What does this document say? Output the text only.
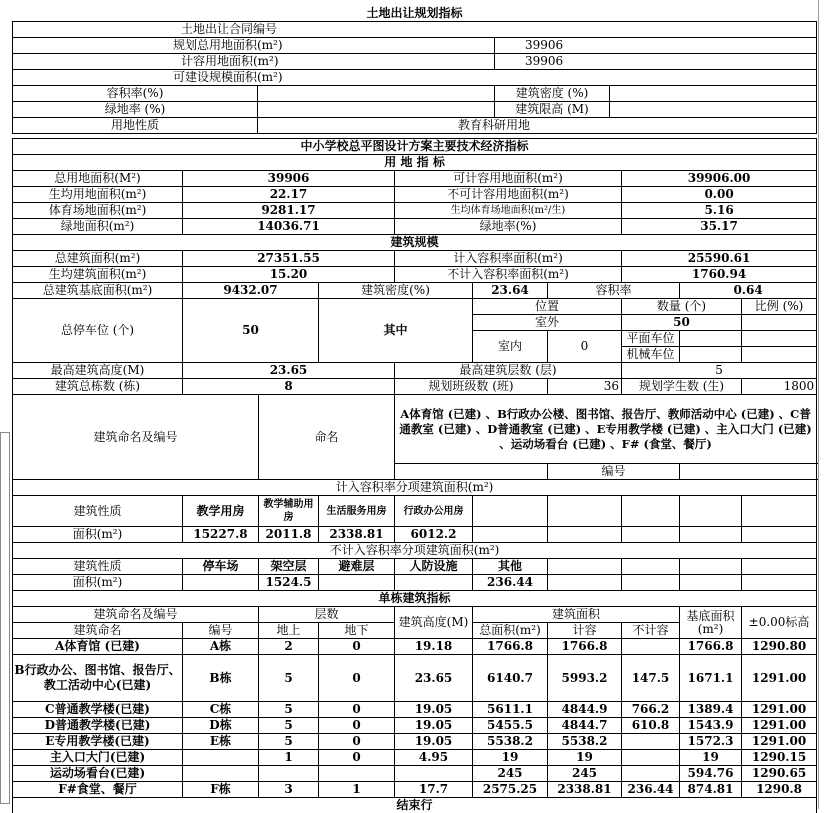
土地出让规划指标			
土地出让合同编号			
规划总用地面积(m²)		39906	
计容用地面积(m²)		39906	
可建设规模面积(m²)			
容积率(%)		建筑密度 (%)	
绿地率 (%)		建筑限高 (M)	
用地性质	教育科研用地		
中小学校总平图设计方案主要技术经济指标									
用 地 指 标									
总用地面积(M²)	39906			可计容用地面积(m²)			39906.00		
生均用地面积(m²)	22.17			不可计容用地面积(m²)			0.00		
体育场地面积(m²)	9281.17			生均体育场地面积(m²/生)			5.16		
绿地面积(m²)	14036.71			绿地率(%)			35.17		
建筑规模									
总建筑面积(m²)	27351.55			计入容积率面积(m²)			25590.61		
生均建筑面积(m²)	15.20			不计入容积率面积(m²)			1760.94		
总建筑基底面积(m²)	9432.07		建筑密度(%)		23.64	容积率		0.64	
总停车位 (个)	50		其中		位置		数量 (个)		比例 (%)
					室外		50		
					室内	0	平面车位		
							机械车位		
最高建筑高度(M)	23.65			最高建筑层数 (层)			5		
建筑总栋数 (栋)	8			规划班级数 (班)		36	规划学生数 (生)		1800
建筑命名及编号		命名		A体育馆 (已建) 、B行政办公楼、图书馆、报告厅、教师活动中心 (已建) 、C普通教室 (已建) 、D普通教室 (已建) 、E专用教学楼 (已建) 、主入口大门 (已建) 、运动场看台 (已建) 、F# (食堂、餐厅)					
						编号			
计入容积率分项建筑面积(m²)									
建筑性质	教学用房	教学辅助用房	生活服务用房	行政办公用房					
面积(m²)	15227.8	2011.8	2338.81	6012.2					
不计入容积率分项建筑面积(m²)									
建筑性质	停车场	架空层	避难层	人防设施	其他				
面积(m²)		1524.5			236.44				
单栋建筑指标									
建筑命名及编号		层数		建筑高度(M)	建筑面积			基底面积(m²)	±0.00标高
建筑命名	编号	地上	地下		总面积(m²)	计容	不计容		
A体育馆 (已建)	A栋	2	0	19.18	1766.8	1766.8		1766.8	1290.80
B行政办公、图书馆、报告厅、教工活动中心(已建)	B栋	5	0	23.65	6140.7	5993.2	147.5	1671.1	1291.00
C普通教学楼(已建)	C栋	5	0	19.05	5611.1	4844.9	766.2	1389.4	1291.00
D普通教学楼(已建)	D栋	5	0	19.05	5455.5	4844.7	610.8	1543.9	1291.00
E专用教学楼(已建)	E栋	5	0	19.05	5538.2	5538.2		1572.3	1291.00
主入口大门(已建)		1	0	4.95	19	19		19	1290.15
运动场看台(已建)					245	245		594.76	1290.65
F#食堂、餐厅	F栋	3	1	17.7	2575.25	2338.81	236.44	874.81	1290.8
结束行									
